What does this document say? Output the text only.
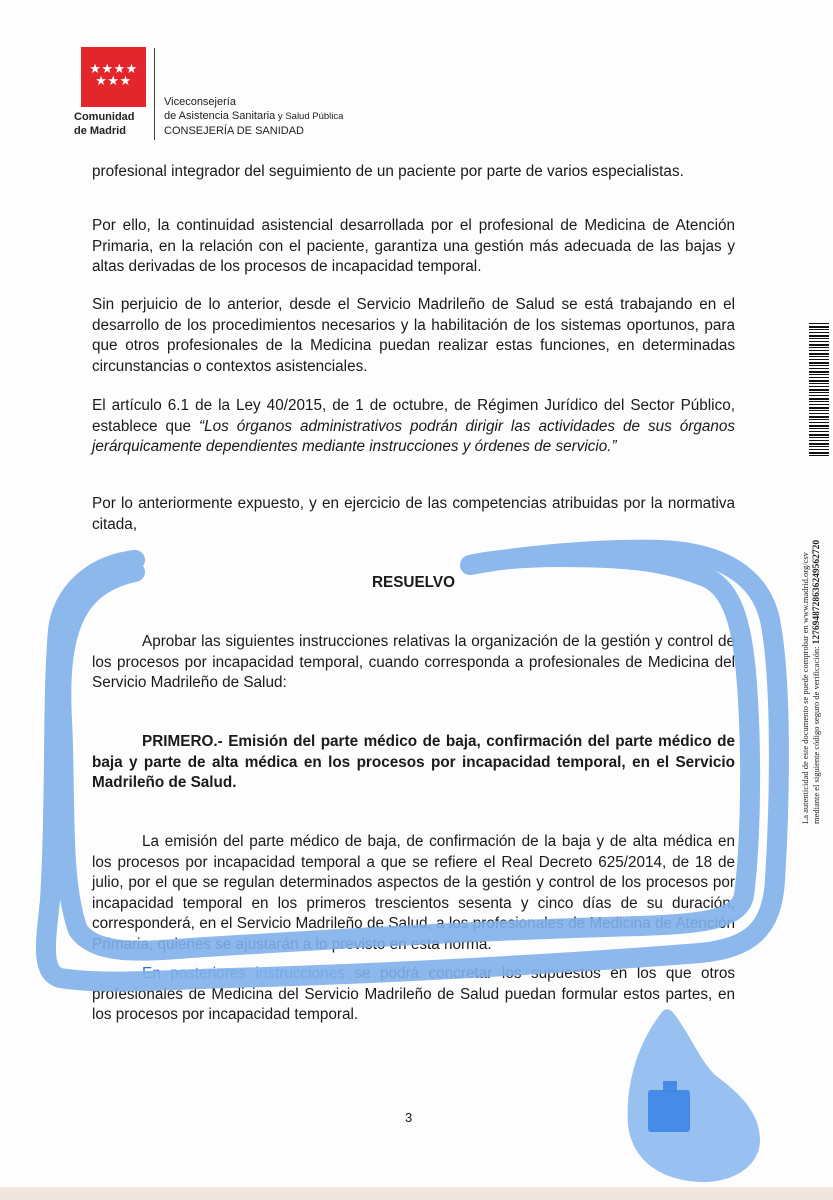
★★★★
★★★
Comunidad
de Madrid
Viceconsejería
de Asistencia Sanitaria y Salud Pública
CONSEJERÍA DE SANIDAD
profesional integrador del seguimiento de un paciente por parte de varios especialistas.
Por ello, la continuidad asistencial desarrollada por el profesional de Medicina de Atención Primaria, en la relación con el paciente, garantiza una gestión más adecuada de las bajas y altas derivadas de los procesos de incapacidad temporal.
Sin perjuicio de lo anterior, desde el Servicio Madrileño de Salud se está trabajando en el desarrollo de los procedimientos necesarios y la habilitación de los sistemas oportunos, para que otros profesionales de la Medicina puedan realizar estas funciones, en determinadas circunstancias o contextos asistenciales.
El artículo 6.1 de la Ley 40/2015, de 1 de octubre, de Régimen Jurídico del Sector Público, establece que “Los órganos administrativos podrán dirigir las actividades de sus órganos jerárquicamente dependientes mediante instrucciones y órdenes de servicio.”
Por lo anteriormente expuesto, y en ejercicio de las competencias atribuidas por la normativa citada,
RESUELVO
Aprobar las siguientes instrucciones relativas la organización de la gestión y control de los procesos por incapacidad temporal, cuando corresponda a profesionales de Medicina del Servicio Madrileño de Salud:
PRIMERO.- Emisión del parte médico de baja, confirmación del parte médico de baja y parte de alta médica en los procesos por incapacidad temporal, en el Servicio Madrileño de Salud.
La emisión del parte médico de baja, de confirmación de la baja y de alta médica en los procesos por incapacidad temporal a que se refiere el Real Decreto 625/2014, de 18 de julio, por el que se regulan determinados aspectos de la gestión y control de los procesos por incapacidad temporal en los primeros trescientos sesenta y cinco días de su duración, corresponderá, en el Servicio Madrileño de Salud, a los profesionales de Medicina de Atención Primaria, quienes se ajustarán a lo previsto en esta norma.
En posteriores instrucciones se podrá concretar los supuestos en los que otros profesionales de Medicina del Servicio Madrileño de Salud puedan formular estos partes, en los procesos por incapacidad temporal.
3
La autenticidad de este documento se puede comprobar en www.madrid.org/csv mediante el siguiente código seguro de verificación: 1276948728636249562720
